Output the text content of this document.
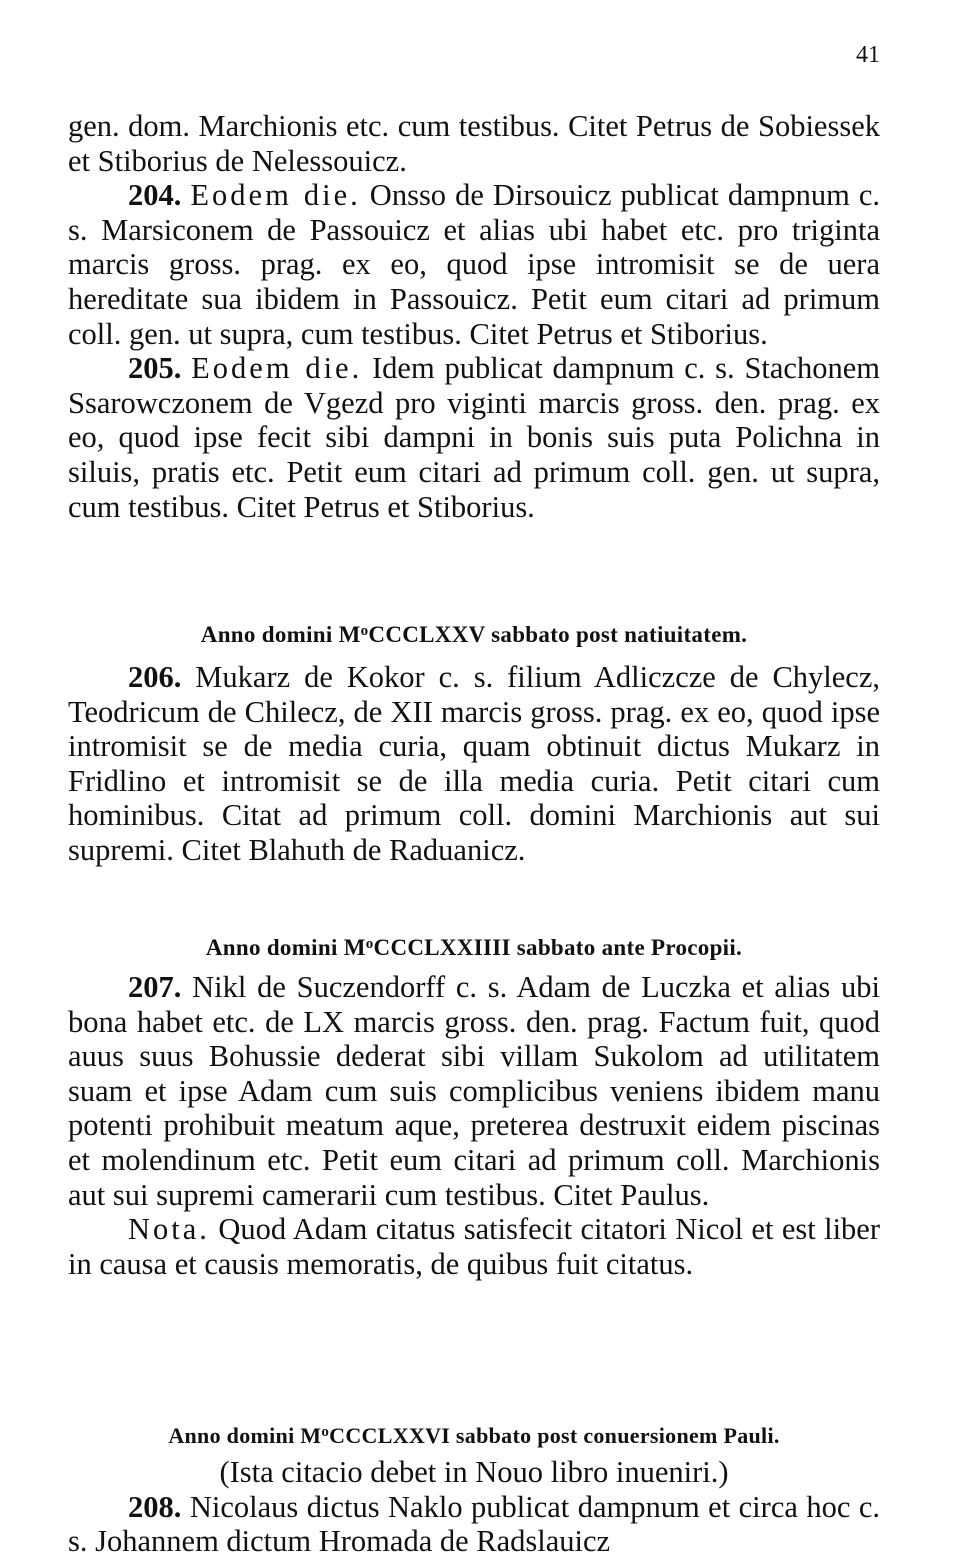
41

gen. dom. Marchionis etc. cum testibus. Citet Petrus de Sobiessek et Stiborius de Nelessouicz.

204. Eodem die. Onsso de Dirsouicz publicat dampnum c. s. Marsiconem de Passouicz et alias ubi habet etc. pro triginta marcis gross. prag. ex eo, quod ipse intromisit se de uera hereditate sua ibidem in Passouicz. Petit eum citari ad primum coll. gen. ut supra, cum testibus. Citet Petrus et Stiborius.

205. Eodem die. Idem publicat dampnum c. s. Stachonem Ssarowczonem de Vgezd pro viginti marcis gross. den. prag. ex eo, quod ipse fecit sibi dampni in bonis suis puta Polichna in siluis, pratis etc. Petit eum citari ad primum coll. gen. ut supra, cum testibus. Citet Petrus et Stiborius.

Anno domini $M^oCCCLXXV$ sabbato post natiuitatem.

206. Mukarz de Kokor c. s. filium Adliczcze de Chylecz, Teodricum de Chilecz, de XII marcis gross. prag. ex eo, quod ipse intromisit se de media curia, quam obtinuit dictus Mukarz in Fridlino et intromisit se de illa media curia. Petit citari cum hominibus. Citat ad primum coll. domini Marchionis aut sui supremi. Citet Blahuth de Raduanicz.

Anno domini $M^oCCCLXXIIII$ sabbato ante Procopii.

207. Nikl de Suczendorff c. s. Adam de Luczka et alias ubi bona habet etc. de LX marcis gross. den. prag. Factum fuit, quod auus suus Bohussie dederat sibi villam Sukolom ad utilitatem suam et ipse Adam cum suis complicibus veniens ibidem manu potenti prohibuit meatum aque, preterea destruxit eidem piscinas et molendinum etc. Petit eum citari ad primum coll. Marchionis aut sui supremi camerarii cum testibus. Citet Paulus.

Nota. Quod Adam citatus satisfecit citatori Nicol et est liber in causa et causis memoratis, de quibus fuit citatus.

Anno domini $M^oCCCLXXVI$ sabbato post conuersionem Pauli.

(Ista citacio debet in Nouo libro inueniri.)

208. Nicolaus dictus Naklo publicat dampnum et circa hoc c. s. Johannem dictum Hromada de Radslauicz
